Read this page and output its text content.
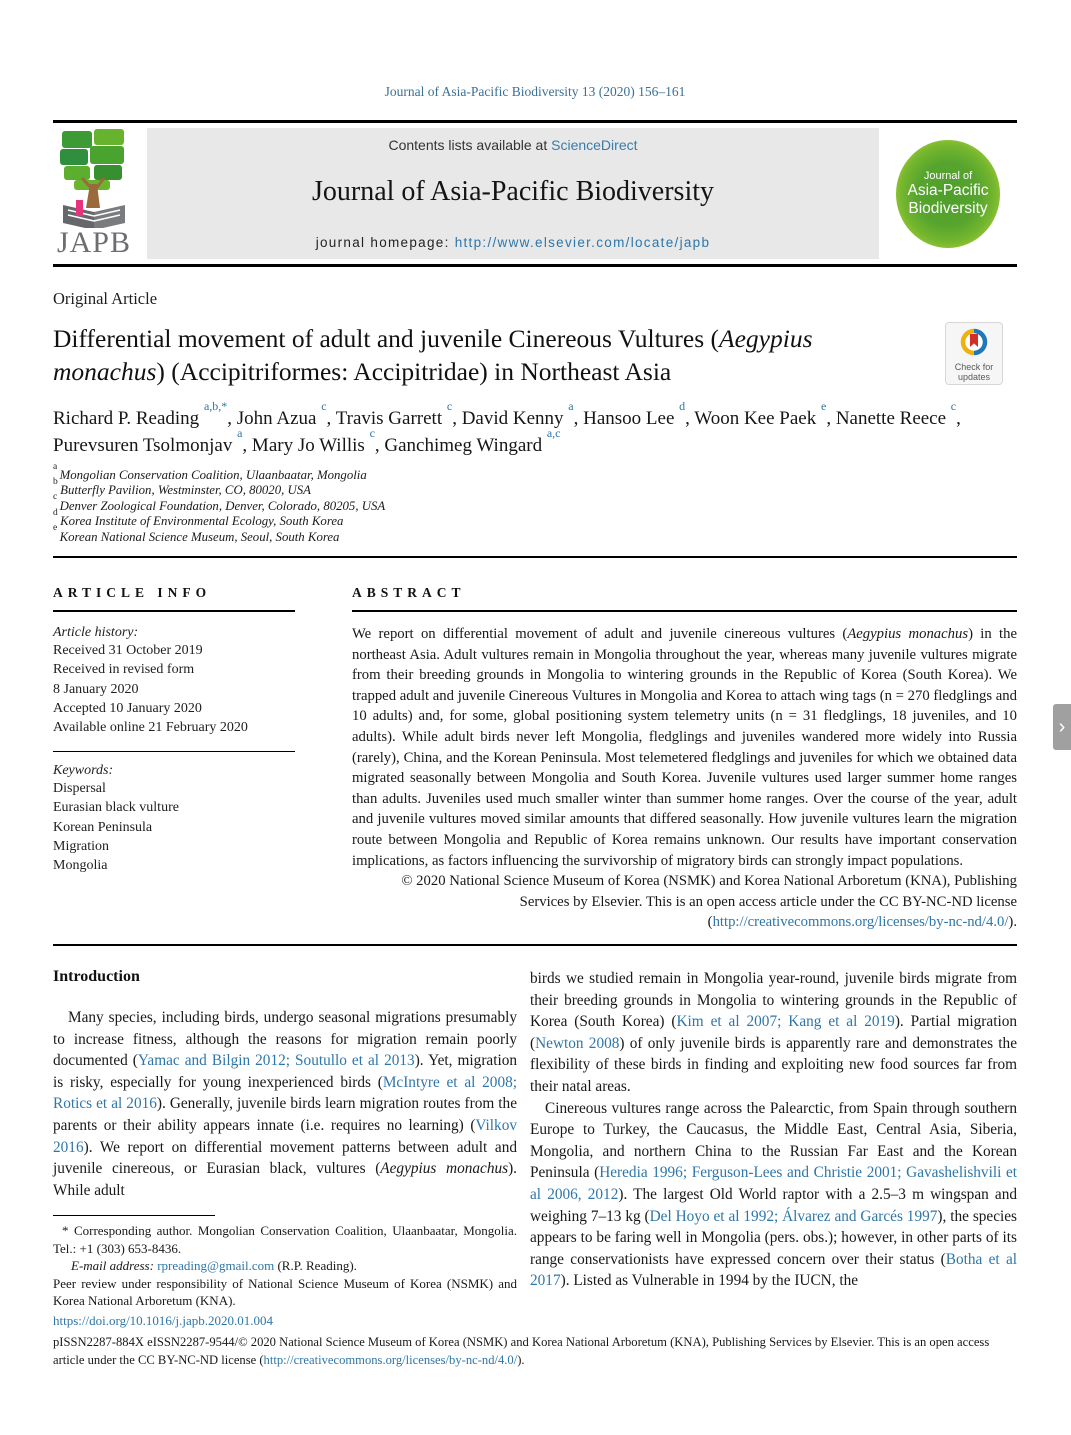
Journal of Asia-Pacific Biodiversity 13 (2020) 156–161
JAPB
Contents lists available at ScienceDirect
Journal of Asia-Pacific Biodiversity
journal homepage: http://www.elsevier.com/locate/japb
Journal of
Asia-Pacific
Biodiversity
Original Article
Differential movement of adult and juvenile Cinereous Vultures (Aegypius monachus) (Accipitriformes: Accipitridae) in Northeast Asia	Check for
updates
Richard P. Reading $^{a,b,*}$, John Azua $^c$, Travis Garrett $^c$, David Kenny $^a$, Hansoo Lee $^d$, Woon Kee Paek $^e$, Nanette Reece $^c$, Purevsuren Tsolmonjav $^a$, Mary Jo Willis $^c$, Ganchimeg Wingard $^{a,c}$
$^a$ Mongolian Conservation Coalition, Ulaanbaatar, Mongolia
$^b$ Butterfly Pavilion, Westminster, CO, 80020, USA
$^c$ Denver Zoological Foundation, Denver, Colorado, 80205, USA
$^d$ Korea Institute of Environmental Ecology, South Korea
$^e$ Korean National Science Museum, Seoul, South Korea
ARTICLE INFO
Article history:
Received 31 October 2019
Received in revised form
8 January 2020
Accepted 10 January 2020
Available online 21 February 2020
Keywords:
Dispersal
Eurasian black vulture
Korean Peninsula
Migration
Mongolia
ABSTRACT
We report on differential movement of adult and juvenile cinereous vultures (Aegypius monachus) in the northeast Asia. Adult vultures remain in Mongolia throughout the year, whereas many juvenile vultures migrate from their breeding grounds in Mongolia to wintering grounds in the Republic of Korea (South Korea). We trapped adult and juvenile Cinereous Vultures in Mongolia and Korea to attach wing tags (n = 270 fledglings and 10 adults) and, for some, global positioning system telemetry units (n = 31 fledglings, 18 juveniles, and 10 adults). While adult birds never left Mongolia, fledglings and juveniles wandered more widely into Russia (rarely), China, and the Korean Peninsula. Most telemetered fledglings and juveniles for which we obtained data migrated seasonally between Mongolia and South Korea. Juvenile vultures used larger summer home ranges than adults. Juveniles used much smaller winter than summer home ranges. Over the course of the year, adult and juvenile vultures moved similar amounts that differed seasonally. How juvenile vultures learn the migration route between Mongolia and Republic of Korea remains unknown. Our results have important conservation implications, as factors influencing the survivorship of migratory birds can strongly impact populations.
© 2020 National Science Museum of Korea (NSMK) and Korea National Arboretum (KNA), Publishing Services by Elsevier. This is an open access article under the CC BY-NC-ND license (http://creativecommons.org/licenses/by-nc-nd/4.0/).
Introduction

Many species, including birds, undergo seasonal migrations presumably to increase fitness, although the reasons for migration remain poorly documented (Yamac and Bilgin 2012; Soutullo et al 2013). Yet, migration is risky, especially for young inexperienced birds (McIntyre et al 2008; Rotics et al 2016). Generally, juvenile birds learn migration routes from the parents or their ability appears innate (i.e. requires no learning) (Vilkov 2016). We report on differential movement patterns between adult and juvenile cinereous, or Eurasian black, vultures (Aegypius monachus). While adult

* Corresponding author. Mongolian Conservation Coalition, Ulaanbaatar, Mongolia. Tel.: +1 (303) 653-8436.

E-mail address: rpreading@gmail.com (R.P. Reading).

Peer review under responsibility of National Science Museum of Korea (NSMK) and Korea National Arboretum (KNA).

birds we studied remain in Mongolia year-round, juvenile birds migrate from their breeding grounds in Mongolia to wintering grounds in the Republic of Korea (South Korea) (Kim et al 2007; Kang et al 2019). Partial migration (Newton 2008) of only juvenile birds is apparently rare and demonstrates the flexibility of these birds in finding and exploiting new food sources far from their natal areas.

Cinereous vultures range across the Palearctic, from Spain through southern Europe to Turkey, the Caucasus, the Middle East, Central Asia, Siberia, Mongolia, and northern China to the Russian Far East and the Korean Peninsula (Heredia 1996; Ferguson-Lees and Christie 2001; Gavashelishvili et al 2006, 2012). The largest Old World raptor with a 2.5–3 m wingspan and weighing 7–13 kg (Del Hoyo et al 1992; Álvarez and Garcés 1997), the species appears to be faring well in Mongolia (pers. obs.); however, in other parts of its range conservationists have expressed concern over their status (Botha et al 2017). Listed as Vulnerable in 1994 by the IUCN, the

https://doi.org/10.1016/j.japb.2020.01.004
pISSN2287-884X eISSN2287-9544/© 2020 National Science Museum of Korea (NSMK) and Korea National Arboretum (KNA), Publishing Services by Elsevier. This is an open access article under the CC BY-NC-ND license (http://creativecommons.org/licenses/by-nc-nd/4.0/).
›
